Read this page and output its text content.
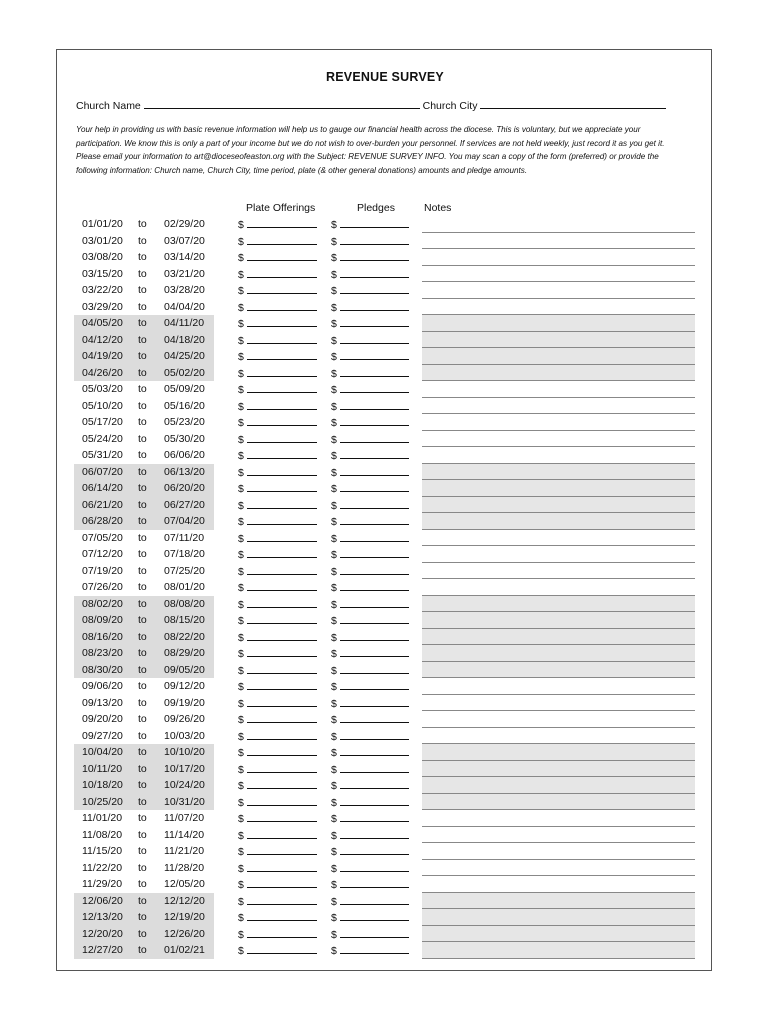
REVENUE SURVEY
Church Name	Church City
Your help in providing us with basic revenue information will help us to gauge our financial health across the diocese. This is voluntary, but we appreciate your participation. We know this is only a part of your income but we do not wish to over-burden your personnel. If services are not held weekly, just record it as you get it. Please email your information to art@dioceseofeaston.org with the Subject: REVENUE SURVEY INFO. You may scan a copy of the form (preferred) or provide the following information: Church name, Church City, time period, plate (& other general donations) amounts and pledge amounts.
Plate Offerings	Pledges	Notes
01/01/20 to 02/29/20	$	$
03/01/20 to 03/07/20	$	$
03/08/20 to 03/14/20	$	$
03/15/20 to 03/21/20	$	$
03/22/20 to 03/28/20	$	$
03/29/20 to 04/04/20	$	$
04/05/20 to 04/11/20	$	$
04/12/20 to 04/18/20	$	$
04/19/20 to 04/25/20	$	$
04/26/20 to 05/02/20	$	$
05/03/20 to 05/09/20	$	$
05/10/20 to 05/16/20	$	$
05/17/20 to 05/23/20	$	$
05/24/20 to 05/30/20	$	$
05/31/20 to 06/06/20	$	$
06/07/20 to 06/13/20	$	$
06/14/20 to 06/20/20	$	$
06/21/20 to 06/27/20	$	$
06/28/20 to 07/04/20	$	$
07/05/20 to 07/11/20	$	$
07/12/20 to 07/18/20	$	$
07/19/20 to 07/25/20	$	$
07/26/20 to 08/01/20	$	$
08/02/20 to 08/08/20	$	$
08/09/20 to 08/15/20	$	$
08/16/20 to 08/22/20	$	$
08/23/20 to 08/29/20	$	$
08/30/20 to 09/05/20	$	$
09/06/20 to 09/12/20	$	$
09/13/20 to 09/19/20	$	$
09/20/20 to 09/26/20	$	$
09/27/20 to 10/03/20	$	$
10/04/20 to 10/10/20	$	$
10/11/20 to 10/17/20	$	$
10/18/20 to 10/24/20	$	$
10/25/20 to 10/31/20	$	$
11/01/20 to 11/07/20	$	$
11/08/20 to 11/14/20	$	$
11/15/20 to 11/21/20	$	$
11/22/20 to 11/28/20	$	$
11/29/20 to 12/05/20	$	$
12/06/20 to 12/12/20	$	$
12/13/20 to 12/19/20	$	$
12/20/20 to 12/26/20	$	$
12/27/20 to 01/02/21	$	$
